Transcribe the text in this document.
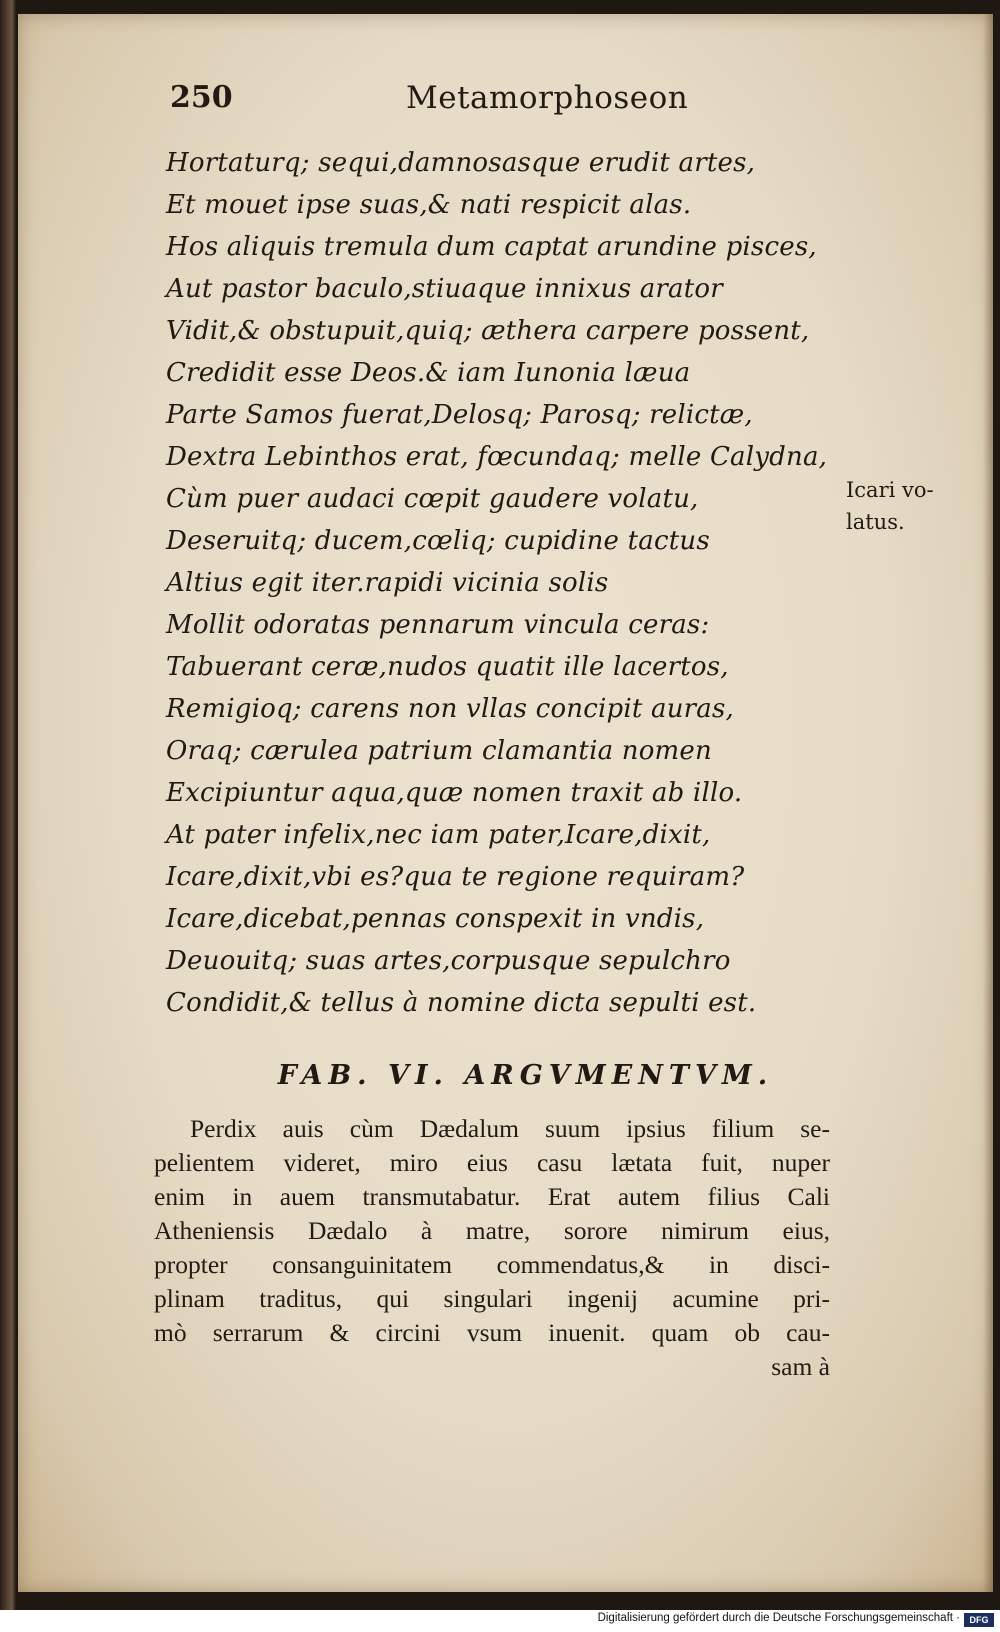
250	Metamorphoseon
Hortaturq; sequi,damnosasque erudit artes,
Et mouet ipse suas,& nati respicit alas.
Hos aliquis tremula dum captat arundine pisces,
Aut pastor baculo,stiuaque innixus arator
Vidit,& obstupuit,quiq; æthera carpere possent,
Credidit esse Deos.& iam Iunonia læua
Parte Samos fuerat,Delosq; Parosq; relictæ,
Dextra Lebinthos erat, fœcundaq; melle Calydna,
Cùm puer audaci cœpit gaudere volatu,
Deseruitq; ducem,cœliq; cupidine tactus
Altius egit iter.rapidi vicinia solis
Mollit odoratas pennarum vincula ceras:
Tabuerant ceræ,nudos quatit ille lacertos,
Remigioq; carens non vllas concipit auras,
Oraq; cærulea patrium clamantia nomen
Excipiuntur aqua,quæ nomen traxit ab illo.
At pater infelix,nec iam pater,Icare,dixit,
Icare,dixit,vbi es?qua te regione requiram?
Icare,dicebat,pennas conspexit in vndis,
Deuouitq; suas artes,corpusque sepulchro
Condidit,& tellus à nomine dicta sepulti est.
Icari vo-
latus.
FAB. VI. ARGVMENTVM.
Perdix auis cùm Dædalum suum ipsius filium se-
pelientem videret, miro eius casu lætata fuit, nuper
enim in auem transmutabatur. Erat autem filius Cali
Atheniensis Dædalo à matre, sorore nimirum eius,
propter consanguinitatem commendatus,& in disci-
plinam traditus, qui singulari ingenij acumine pri-
mò serrarum & circini vsum inuenit. quam ob cau-
sam à
Digitalisierung gefördert durch die Deutsche Forschungsgemeinschaft ·	DFG
